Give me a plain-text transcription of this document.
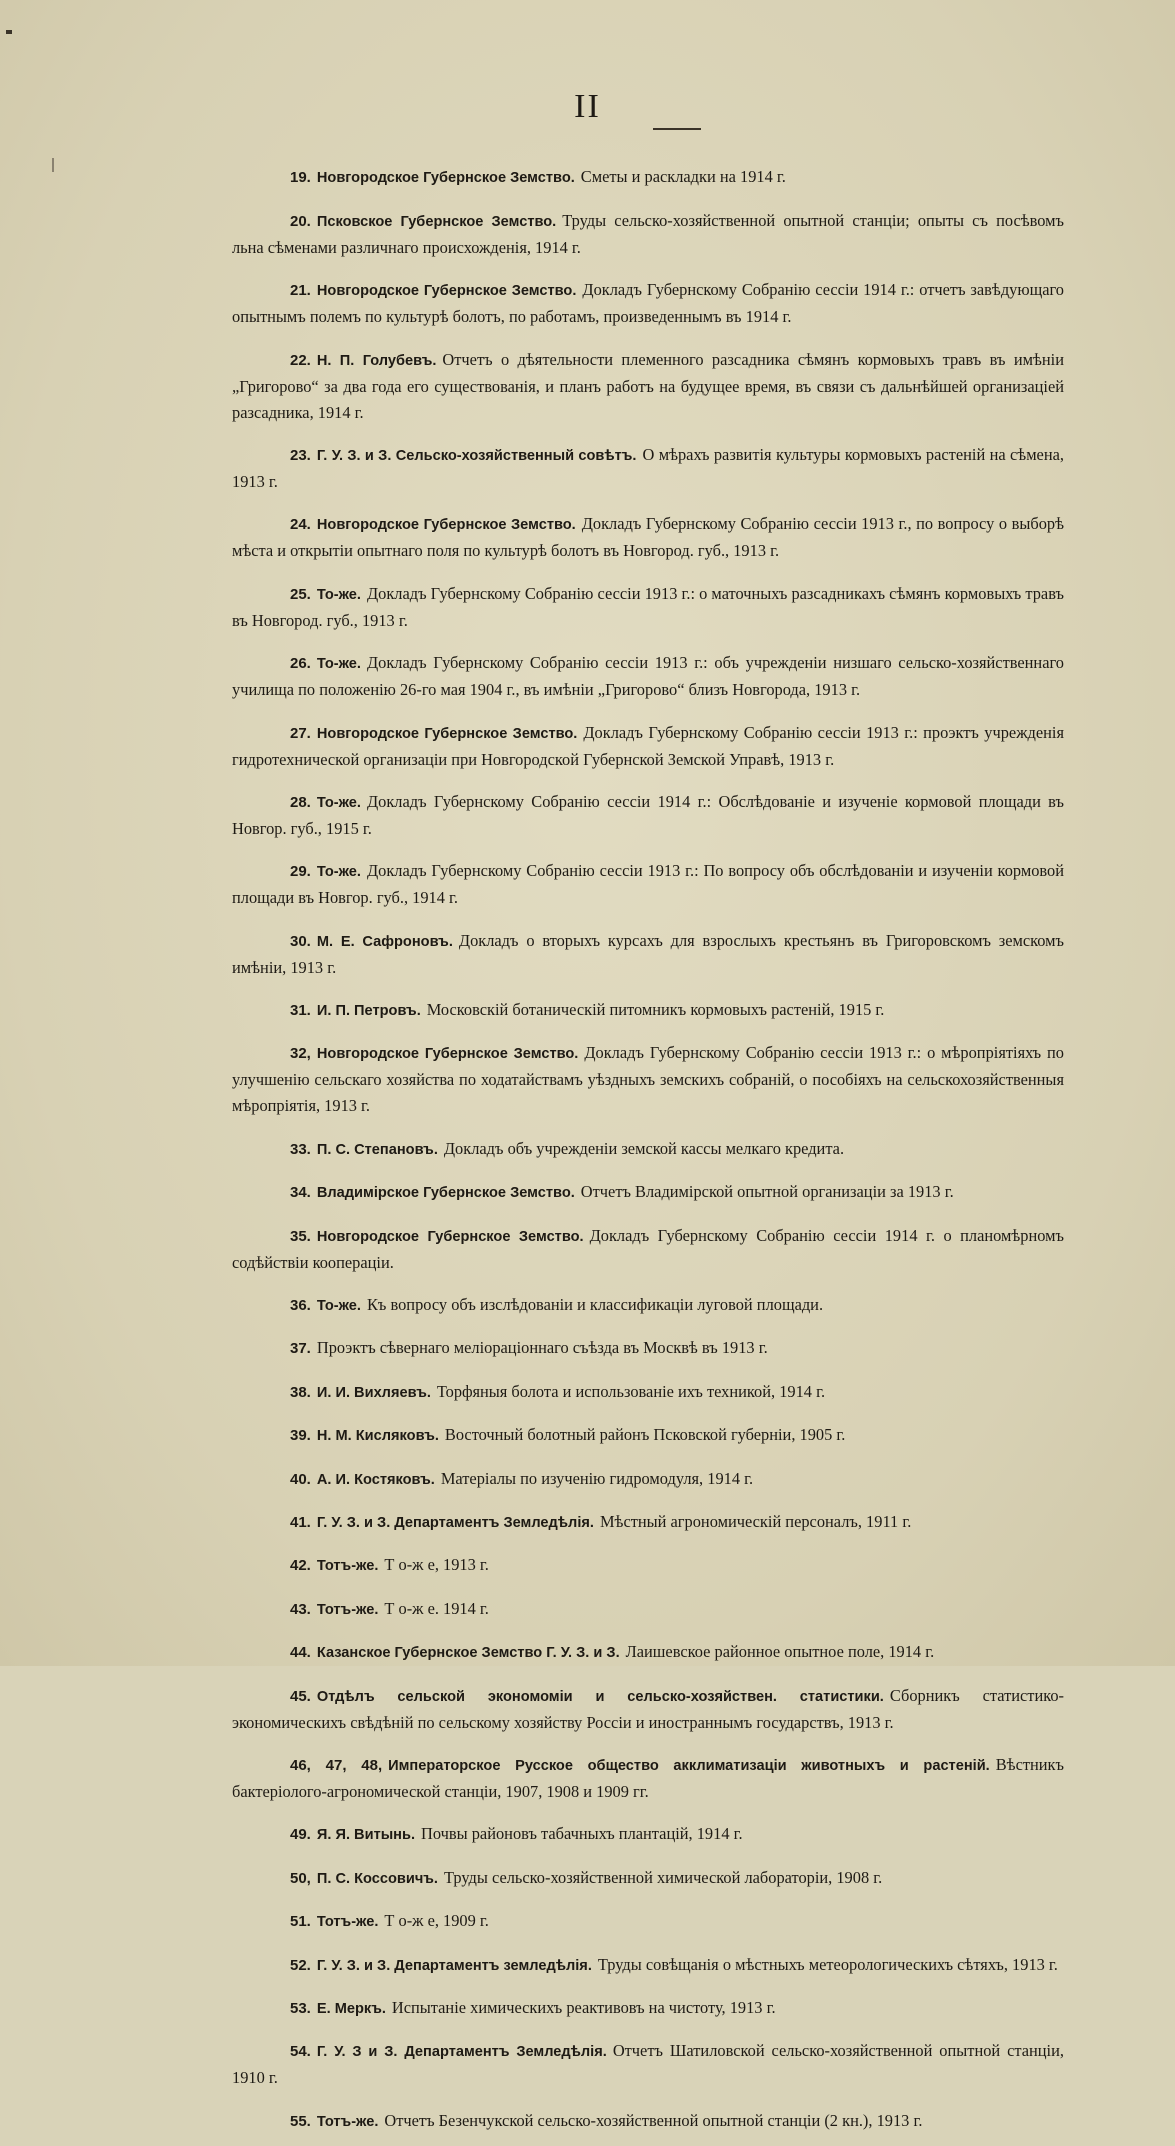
II

19. Новгородское Губернское Земство. Сметы и раскладки на 1914 г.

20. Псковское Губернское Земство. Труды сельско-хозяйственной опытной станціи; опыты съ посѣвомъ льна сѣменами различнаго происхожденія, 1914 г.

21. Новгородское Губернское Земство. Докладъ Губернскому Собранію сессіи 1914 г.: отчетъ завѣдующаго опытнымъ полемъ по культурѣ болотъ, по работамъ, произведеннымъ въ 1914 г.

22. Н. П. Голубевъ. Отчетъ о дѣятельности племенного разсадника сѣмянъ кормовыхъ травъ въ имѣніи „Григорово“ за два года его существованія, и планъ работъ на будущее время, въ связи съ дальнѣйшей организаціей разсадника, 1914 г.

23. Г. У. З. и З. Сельско-хозяйственный совѣтъ. О мѣрахъ развитія культуры кормовыхъ растеній на сѣмена, 1913 г.

24. Новгородское Губернское Земство. Докладъ Губернскому Собранію сессіи 1913 г., по вопросу о выборѣ мѣста и открытіи опытнаго поля по культурѣ болотъ въ Новгород. губ., 1913 г.

25. То-же. Докладъ Губернскому Собранію сессіи 1913 г.: о маточныхъ разсадникахъ сѣмянъ кормовыхъ травъ въ Новгород. губ., 1913 г.

26. То-же. Докладъ Губернскому Собранію сессіи 1913 г.: объ учрежденіи низшаго сельско-хозяйственнаго училища по положенію 26-го мая 1904 г., въ имѣніи „Григорово“ близъ Новгорода, 1913 г.

27. Новгородское Губернское Земство. Докладъ Губернскому Собранію сессіи 1913 г.: проэктъ учрежденія гидротехнической организаціи при Новгородской Губернской Земской Управѣ, 1913 г.

28. То-же. Докладъ Губернскому Собранію сессіи 1914 г.: Обслѣдованіе и изученіе кормовой площади въ Новгор. губ., 1915 г.

29. То-же. Докладъ Губернскому Собранію сессіи 1913 г.: По вопросу объ обслѣдованіи и изученіи кормовой площади въ Новгор. губ., 1914 г.

30. М. Е. Сафроновъ. Докладъ о вторыхъ курсахъ для взрослыхъ крестьянъ въ Григоровскомъ земскомъ имѣніи, 1913 г.

31. И. П. Петровъ. Московскій ботаническій питомникъ кормовыхъ растеній, 1915 г.

32, Новгородское Губернское Земство. Докладъ Губернскому Собранію сессіи 1913 г.: о мѣропріятіяхъ по улучшенію сельскаго хозяйства по ходатайствамъ уѣздныхъ земскихъ собраній, о пособіяхъ на сельскохозяйственныя мѣропріятія, 1913 г.

33. П. С. Степановъ. Докладъ объ учрежденіи земской кассы мелкаго кредита.

34. Владимірское Губернское Земство. Отчетъ Владимірской опытной организаціи за 1913 г.

35. Новгородское Губернское Земство. Докладъ Губернскому Собранію сессіи 1914 г. о планомѣрномъ содѣйствіи коопераціи.

36. То-же. Къ вопросу объ изслѣдованіи и классификаціи луговой площади.

37. Проэктъ сѣвернаго меліораціоннаго съѣзда въ Москвѣ въ 1913 г.

38. И. И. Вихляевъ. Торфяныя болота и использованіе ихъ техникой, 1914 г.

39. Н. М. Кисляковъ. Восточный болотный районъ Псковской губерніи, 1905 г.

40. А. И. Костяковъ. Матеріалы по изученію гидромодуля, 1914 г.

41. Г. У. З. и З. Департаментъ Земледѣлія. Мѣстный агрономическій персоналъ, 1911 г.

42. Тотъ-же. Т о-ж е, 1913 г.

43. Тотъ-же. Т о-ж е. 1914 г.

44. Казанское Губернское Земство Г. У. З. и З. Лаишевское районное опытное поле, 1914 г.

45. Отдѣлъ сельской экономоміи и сельско-хозяйствен. статистики. Сборникъ статистико-экономическихъ свѣдѣній по сельскому хозяйству Россіи и иностраннымъ государствъ, 1913 г.

46, 47, 48, Императорское Русское общество акклиматизаціи животныхъ и растеній. Вѣстникъ бактеріолого-агрономической станціи, 1907, 1908 и 1909 гг.

49. Я. Я. Витынь. Почвы районовъ табачныхъ плантацій, 1914 г.

50, П. С. Коссовичъ. Труды сельско-хозяйственной химической лабораторіи, 1908 г.

51. Тотъ-же. Т о-ж е, 1909 г.

52. Г. У. З. и З. Департаментъ земледѣлія. Труды совѣщанія о мѣстныхъ метеорологическихъ сѣтяхъ, 1913 г.

53. Е. Меркъ. Испытаніе химическихъ реактивовъ на чистоту, 1913 г.

54. Г. У. З и З. Департаментъ Земледѣлія. Отчетъ Шатиловской сельско-хозяйственной опытной станціи, 1910 г.

55. Тотъ-же. Отчетъ Безенчукской сельско-хозяйственной опытной станціи (2 кн.), 1913 г.
